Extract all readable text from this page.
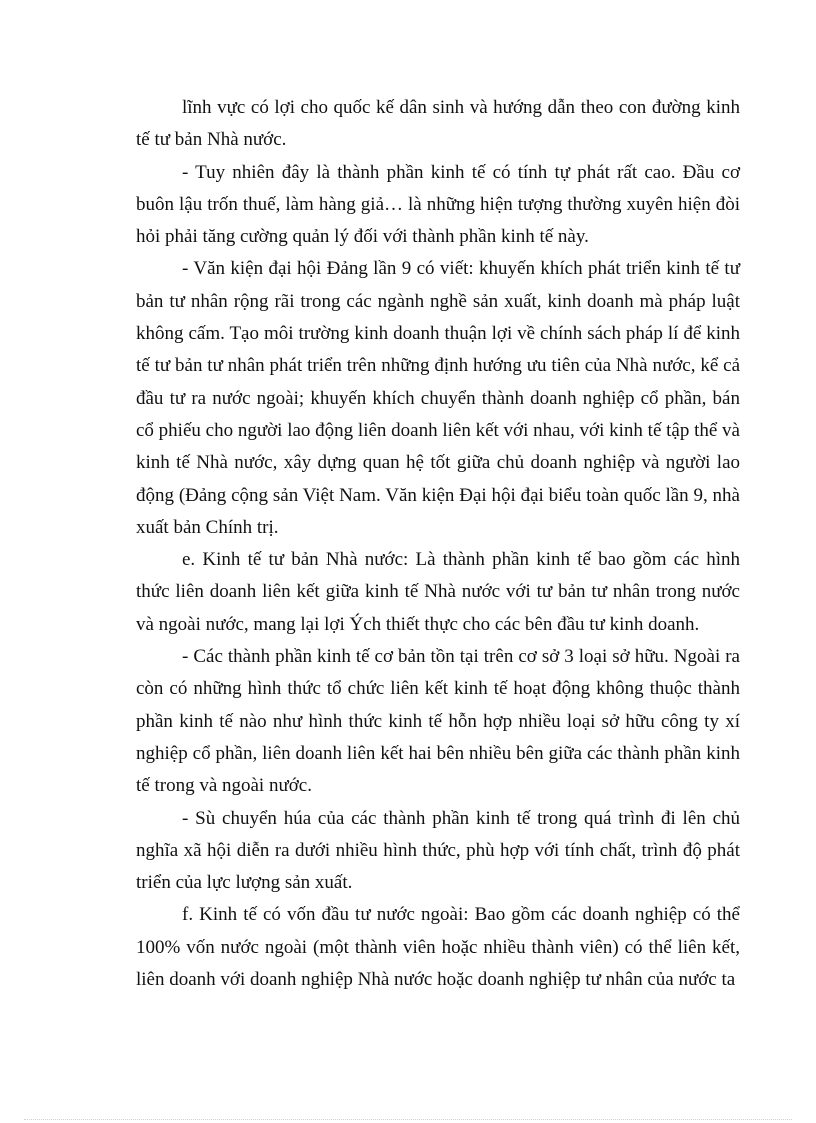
lĩnh vực có lợi cho quốc kế dân sinh và hướng dẫn theo con đường kinh tế tư bản Nhà nước.

- Tuy nhiên đây là thành phần kinh tế có tính tự phát rất cao. Đầu cơ buôn lậu trốn thuế, làm hàng giả… là những hiện tượng thường xuyên hiện đòi hỏi phải tăng cường quản lý đối với thành phần kinh tế này.

- Văn kiện đại hội Đảng lần 9 có viết: khuyến khích phát triển kinh tế tư bản tư nhân rộng rãi trong các ngành nghề sản xuất, kinh doanh mà pháp luật không cấm. Tạo môi trường kinh doanh thuận lợi về chính sách pháp lí để kinh tế tư bản tư nhân phát triển trên những định hướng ưu tiên của Nhà nước, kể cả đầu tư ra nước ngoài; khuyến khích chuyển thành doanh nghiệp cổ phần, bán cổ phiếu cho người lao động liên doanh liên kết với nhau, với kinh tế tập thể và kinh tế Nhà nước, xây dựng quan hệ tốt giữa chủ doanh nghiệp và người lao động (Đảng cộng sản Việt Nam. Văn kiện Đại hội đại biểu toàn quốc lần 9, nhà xuất bản Chính trị.

e. Kinh tế tư bản Nhà nước: Là thành phần kinh tế bao gồm các hình thức liên doanh liên kết giữa kinh tế Nhà nước với tư bản tư nhân trong nước và ngoài nước, mang lại lợi Ých thiết thực cho các bên đầu tư kinh doanh.

- Các thành phần kinh tế cơ bản tồn tại trên cơ sở 3 loại sở hữu. Ngoài ra còn có những hình thức tổ chức liên kết kinh tế hoạt động không thuộc thành phần kinh tế nào như hình thức kinh tế hỗn hợp nhiều loại sở hữu công ty xí nghiệp cổ phần, liên doanh liên kết hai bên nhiều bên giữa các thành phần kinh tế trong và ngoài nước.

- Sù chuyển húa của các thành phần kinh tế trong quá trình đi lên chủ nghĩa xã hội diễn ra dưới nhiều hình thức, phù hợp với tính chất, trình độ phát triển của lực lượng sản xuất.

f. Kinh tế có vốn đầu tư nước ngoài: Bao gồm các doanh nghiệp có thể 100% vốn nước ngoài (một thành viên hoặc nhiều thành viên) có thể liên kết, liên doanh với doanh nghiệp Nhà nước hoặc doanh nghiệp tư nhân của nước ta
